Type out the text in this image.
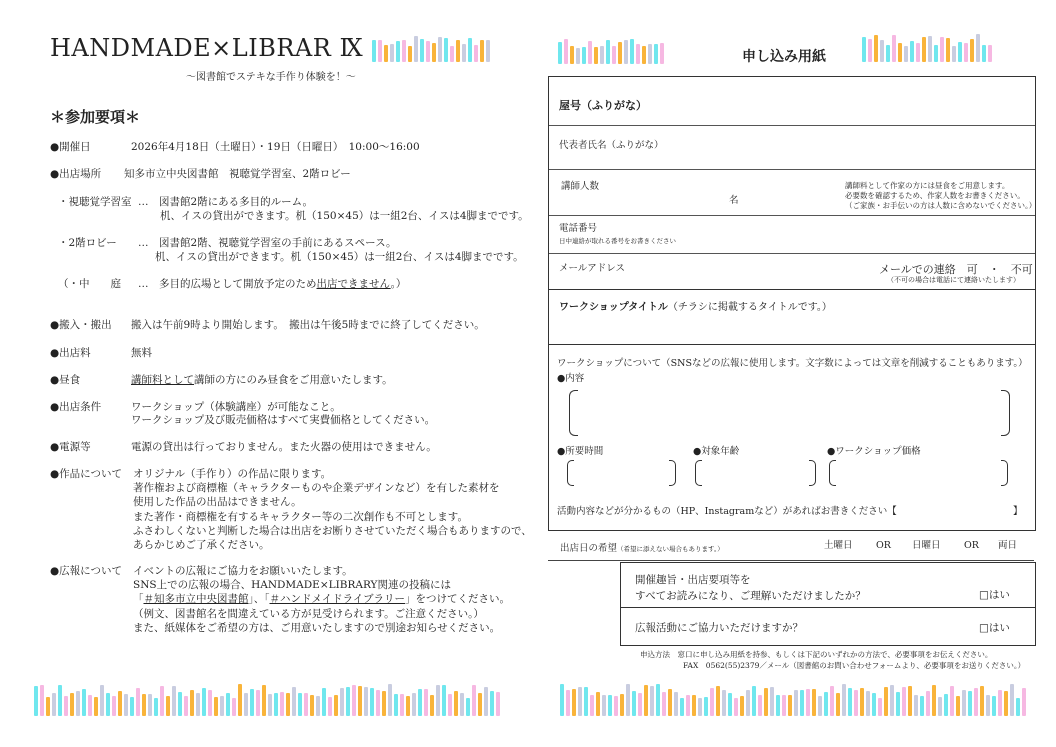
HANDMADE×LIBRAR Ⅸ
～図書館でステキな手作り体験を！～
＊参加要項＊
●開催日	2026年4月18日（土曜日）・19日（日曜日）　10:00～16:00
●出店場所 知多市立中央図書館　視聴覚学習室、2階ロビー
・視聴覚学習室 …　図書館2階にある多目的ルーム。
机、イスの貸出ができます。机（150×45）は一組2台、イスは4脚までです。
・2階ロビー …　図書館2階、視聴覚学習室の手前にあるスペース。
机、イスの貸出ができます。机（150×45）は一組2台、イスは4脚までです。
（・中　　庭 …　多目的広場として開放予定のため出店できません。）
●搬入・搬出 搬入は午前9時より開始します。　搬出は午後5時までに終了してください。
●出店料	無料
●昼食	講師料として講師の方にのみ昼食をご用意いたします。
●出店条件	ワークショップ（体験講座）が可能なこと。
ワークショップ及び販売価格はすべて実費価格としてください。
●電源等	電源の貸出は行っておりません。また火器の使用はできません。
●作品について オリジナル（手作り）の作品に限ります。
著作権および商標権（キャラクターものや企業デザインなど）を有した素材を
使用した作品の出品はできません。
また著作・商標権を有するキャラクター等の二次創作も不可とします。
ふさわしくないと判断した場合は出店をお断りさせていただく場合もありますので、
あらかじめご了承ください。
●広報について イベントの広報にご協力をお願いいたします。
SNS上での広報の場合、HANDMADE×LIBRARY関連の投稿には
「＃知多市立中央図書館」、「＃ハンドメイドライブラリー」をつけてください。
（例文、図書館名を間違えている方が見受けられます。ご注意ください。）
また、紙媒体をご希望の方は、ご用意いたしますので別途お知らせください。
申し込み用紙
屋号（ふりがな）
代表者氏名（ふりがな）
講師人数
名
講師料として作家の方には昼食をご用意します。
必要数を確認するため、作家人数をお書きください。
（ご家族・お手伝いの方は人数に含めないでください。）
電話番号
日中連絡が取れる番号をお書きください
メールアドレス	メールでの連絡　可　・　不可
（不可の場合は電話にて連絡いたします）
ワークショップタイトル（チラシに掲載するタイトルです。）
ワークショップについて（SNSなどの広報に使用します。文字数によっては文章を削減することもあります。）
●内容
●所要時間	●対象年齢	●ワークショップ価格
活動内容などが分かるもの（HP、Instagramなど）があればお書きください【	】
出店日の希望（希望に添えない場合もあります。）	土曜日 OR 日曜日 OR 両日
開催趣旨・出店要項等を
すべてお読みになり、ご理解いただけましたか？	□はい
広報活動にご協力いただけますか？	□はい
申込方法　窓口に申し込み用紙を持参、もしくは下記のいずれかの方法で、必要事項をお伝えください。
FAX　0562(55)2379／メール（図書館のお問い合わせフォームより、必要事項をお送りください。）
